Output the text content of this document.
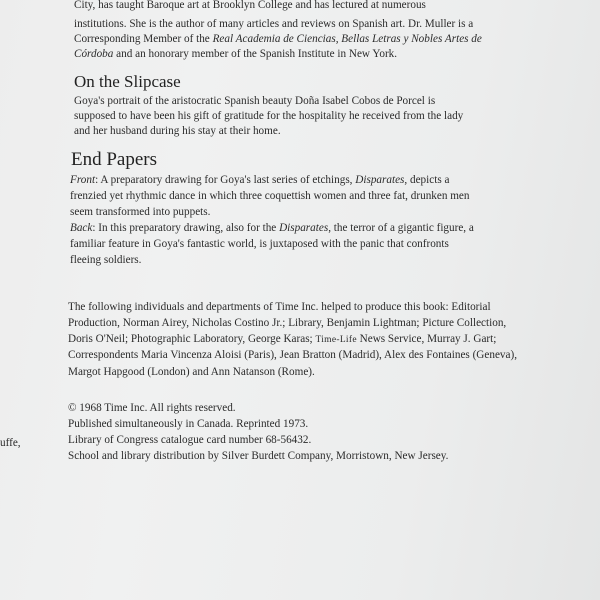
City, has taught Baroque art at Brooklyn College and has lectured at numerous
institutions. She is the author of many articles and reviews on Spanish art. Dr. Muller is a
Corresponding Member of the Real Academia de Ciencias, Bellas Letras y Nobles Artes de
Córdoba and an honorary member of the Spanish Institute in New York.
On the Slipcase
Goya's portrait of the aristocratic Spanish beauty Doña Isabel Cobos de Porcel is
supposed to have been his gift of gratitude for the hospitality he received from the lady
and her husband during his stay at their home.
End Papers
Front: A preparatory drawing for Goya's last series of etchings, Disparates, depicts a
frenzied yet rhythmic dance in which three coquettish women and three fat, drunken men
seem transformed into puppets.
Back: In this preparatory drawing, also for the Disparates, the terror of a gigantic figure, a
familiar feature in Goya's fantastic world, is juxtaposed with the panic that confronts
fleeing soldiers.
The following individuals and departments of Time Inc. helped to produce this book: Editorial
Production, Norman Airey, Nicholas Costino Jr.; Library, Benjamin Lightman; Picture Collection,
Doris O'Neil; Photographic Laboratory, George Karas; Time-Life News Service, Murray J. Gart;
Correspondents Maria Vincenza Aloisi (Paris), Jean Bratton (Madrid), Alex des Fontaines (Geneva),
Margot Hapgood (London) and Ann Natanson (Rome).
© 1968 Time Inc. All rights reserved.
Published simultaneously in Canada. Reprinted 1973.
Library of Congress catalogue card number 68-56432.
School and library distribution by Silver Burdett Company, Morristown, New Jersey.
uffe,
